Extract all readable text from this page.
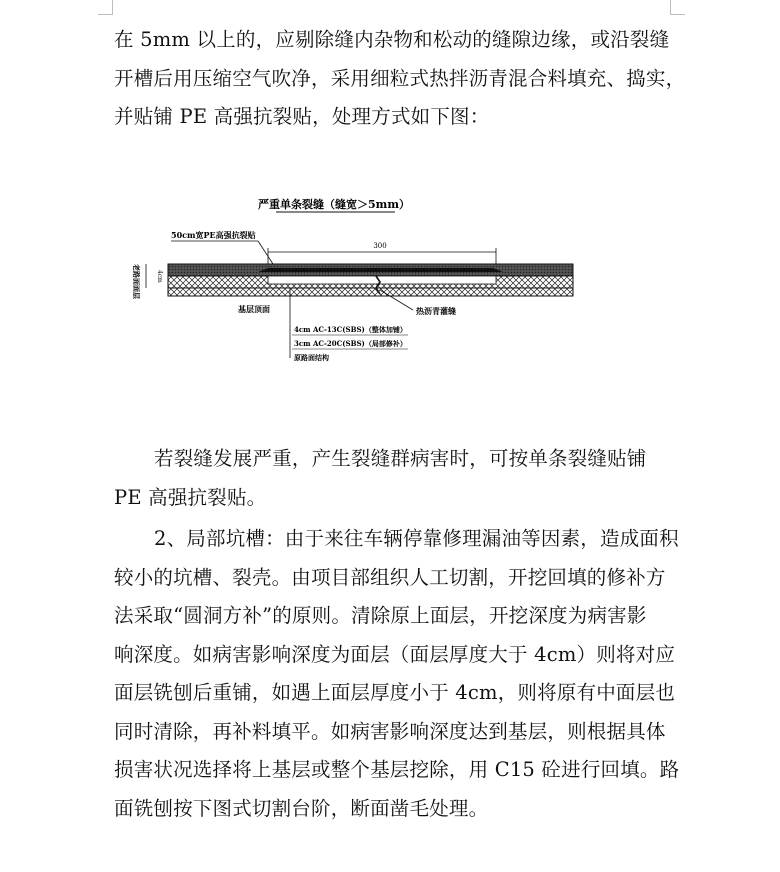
在 5mm 以上的，应剔除缝内杂物和松动的缝隙边缘，或沿裂缝
开槽后用压缩空气吹净，采用细粒式热拌沥青混合料填充、捣实，
并贴铺 PE 高强抗裂贴，处理方式如下图：
严重单条裂缝（缝宽＞5mm）
50cm宽PE高强抗裂贴
300
老路面面层	4cm
基层顶面	热沥青灌缝
4cm AC-13C(SBS)（整体加铺）
3cm AC-20C(SBS)（局部修补）
原路面结构
若裂缝发展严重，产生裂缝群病害时，可按单条裂缝贴铺
PE 高强抗裂贴。
2、局部坑槽：由于来往车辆停靠修理漏油等因素，造成面积
较小的坑槽、裂壳。由项目部组织人工切割，开挖回填的修补方
法采取“圆洞方补”的原则。清除原上面层，开挖深度为病害影
响深度。如病害影响深度为面层（面层厚度大于 4cm）则将对应
面层铣刨后重铺，如遇上面层厚度小于 4cm，则将原有中面层也
同时清除，再补料填平。如病害影响深度达到基层，则根据具体
损害状况选择将上基层或整个基层挖除，用 C15 砼进行回填。路
面铣刨按下图式切割台阶，断面凿毛处理。
